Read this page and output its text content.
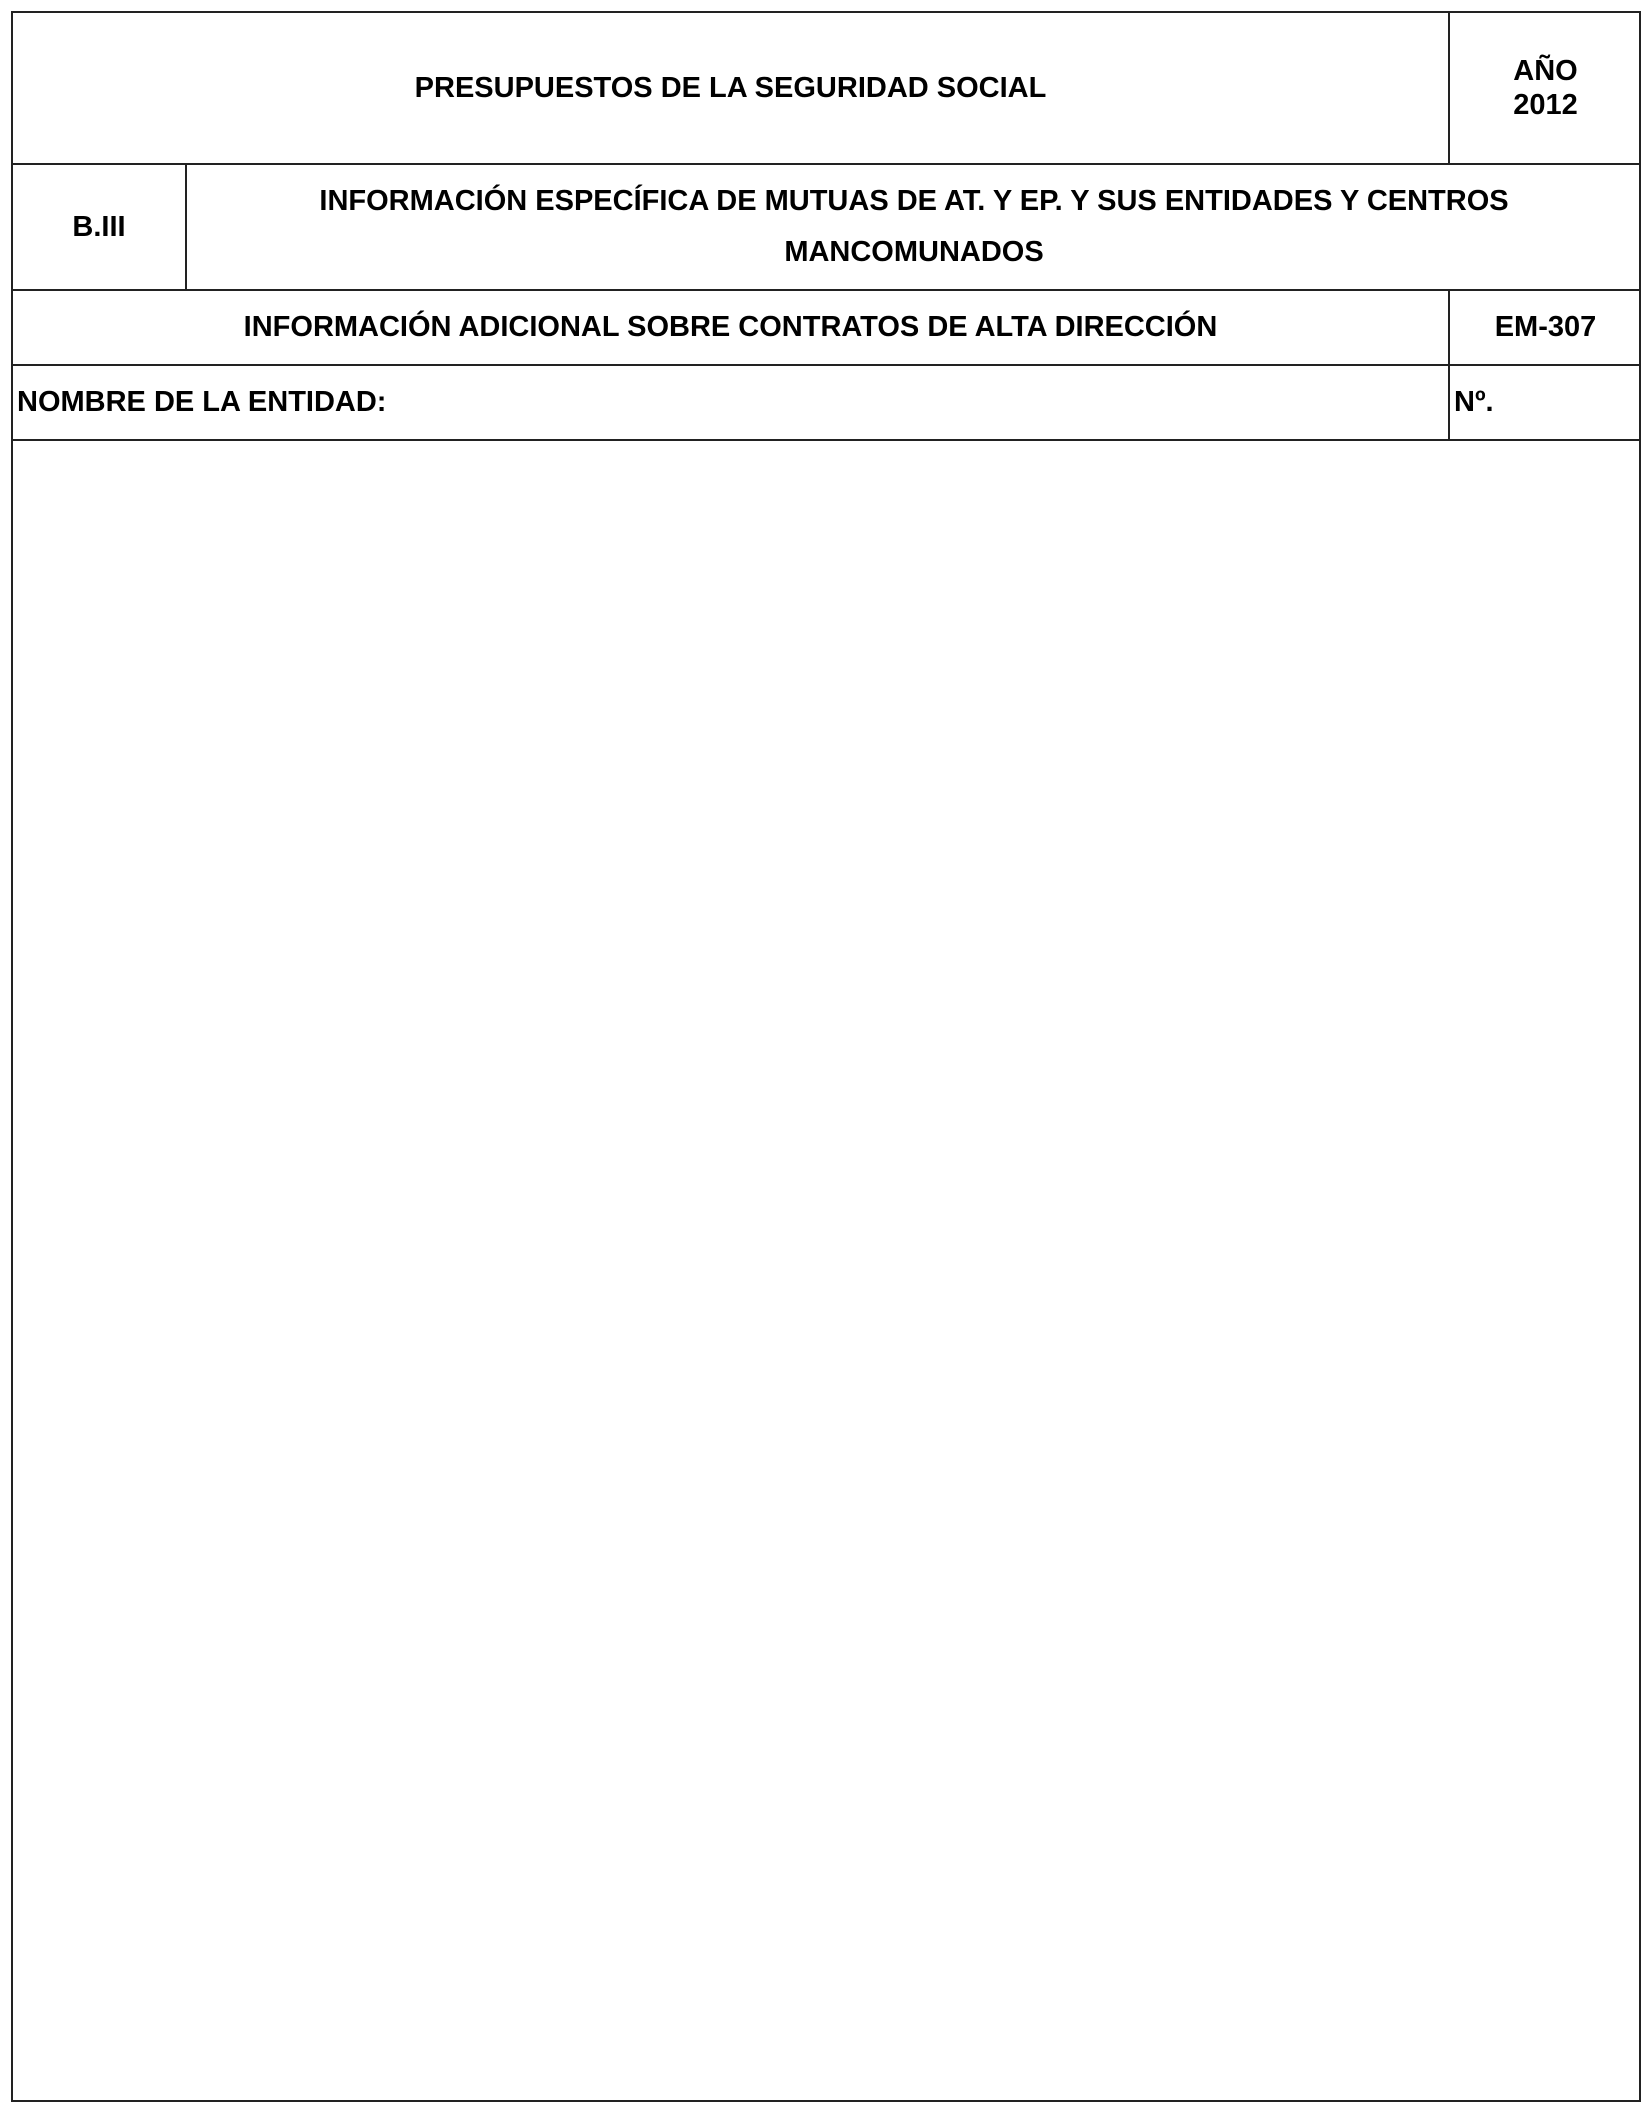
PRESUPUESTOS DE LA SEGURIDAD SOCIAL
AÑO
2012
B.III
INFORMACIÓN ESPECÍFICA DE MUTUAS DE AT. Y EP. Y SUS ENTIDADES Y CENTROS MANCOMUNADOS
INFORMACIÓN ADICIONAL SOBRE CONTRATOS DE ALTA DIRECCIÓN	EM-307
NOMBRE DE LA ENTIDAD:	Nº.
